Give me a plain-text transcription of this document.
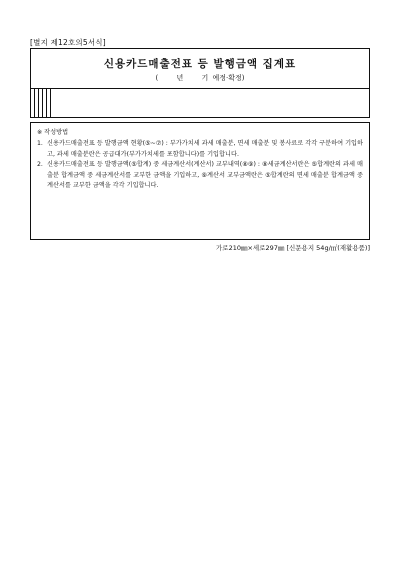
[별지 제12호의5서식]
신용카드매출전표 등 발행금액 집계표
(	년	기 예정·확정)
※ 작성방법
1. 신용카드매출전표 등 발행금액 현황(⑤~⑦) : 부가가치세 과세 매출분, 면세 매출분 및 봉사료로 각각 구분하여 기입하고, 과세 매출분란은 공급대가(부가가치세를 포함합니다)를 기입합니다.
2. 신용카드매출전표 등 발행금액(⑤합계) 중 세금계산서(계산서) 교부내역(⑧⑨) : ⑧세금계산서란은 ⑤합계란의 과세 매출분 합계금액 중 세금계산서를 교부한 금액을 기입하고, ⑨계산서 교부금액란은 ⑤합계란의 면세 매출분 합계금액 중 계산서를 교부한 금액을 각각 기입합니다.
가로210㎜×세로297㎜ [신문용지 54g/㎡(재활용품)]
